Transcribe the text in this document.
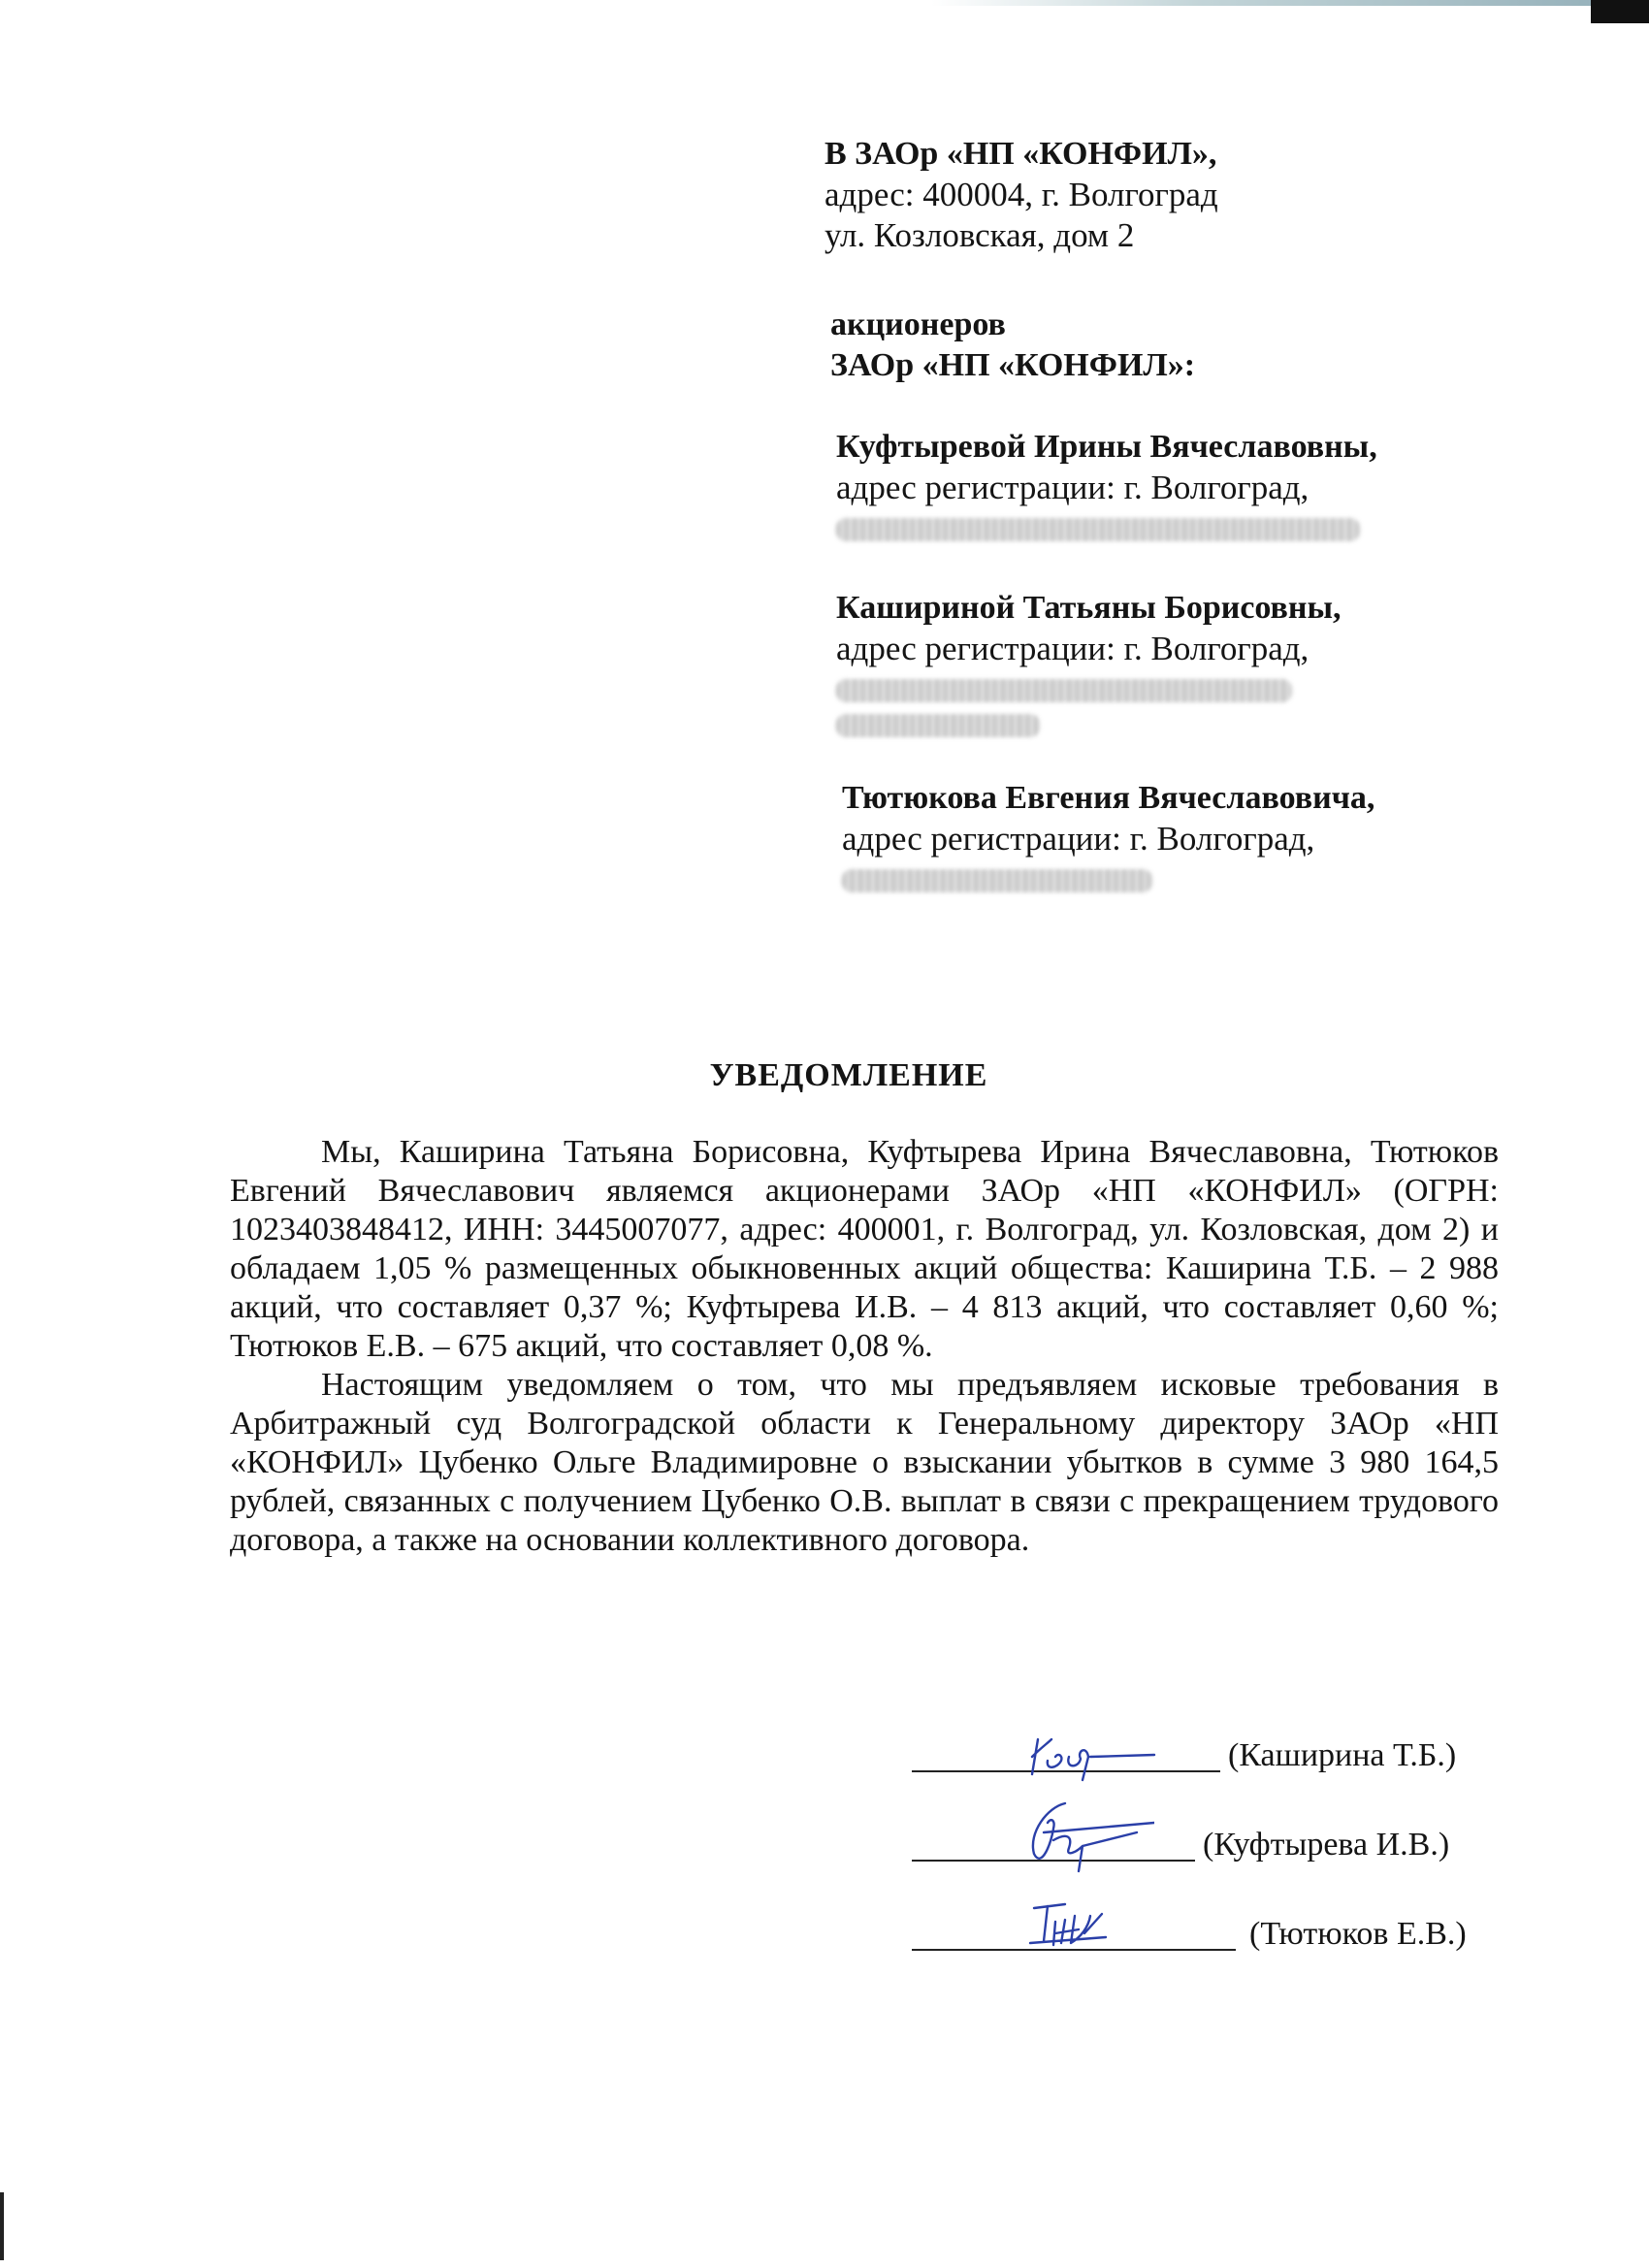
В ЗАОр «НП «КОНФИЛ»,
адрес: 400004, г. Волгоград
ул. Козловская, дом 2
акционеров
ЗАОр «НП «КОНФИЛ»:
Куфтыревой Ирины Вячеславовны,
адрес регистрации: г. Волгоград,
Кашириной Татьяны Борисовны,
адрес регистрации: г. Волгоград,
Тютюкова Евгения Вячеславовича,
адрес регистрации: г. Волгоград,
УВЕДОМЛЕНИЕ

Мы, Каширина Татьяна Борисовна, Куфтырева Ирина Вячеславовна, Тютюков Евгений Вячеславович являемся акционерами ЗАОр «НП «КОНФИЛ» (ОГРН: 1023403848412, ИНН: 3445007077, адрес: 400001, г. Волгоград, ул. Козловская, дом 2) и обладаем 1,05 % размещенных обыкновенных акций общества: Каширина Т.Б. – 2 988 акций, что составляет 0,37 %; Куфтырева И.В. – 4 813 акций, что составляет 0,60 %; Тютюков Е.В. – 675 акций, что составляет 0,08 %.

Настоящим уведомляем о том, что мы предъявляем исковые требования в Арбитражный суд Волгоградской области к Генеральному директору ЗАОр «НП «КОНФИЛ» Цубенко Ольге Владимировне о взыскании убытков в сумме 3 980 164,5 рублей, связанных с получением Цубенко О.В. выплат в связи с прекращением трудового договора, а также на основании коллективного договора.

(Каширина Т.Б.)
(Куфтырева И.В.)
(Тютюков Е.В.)
